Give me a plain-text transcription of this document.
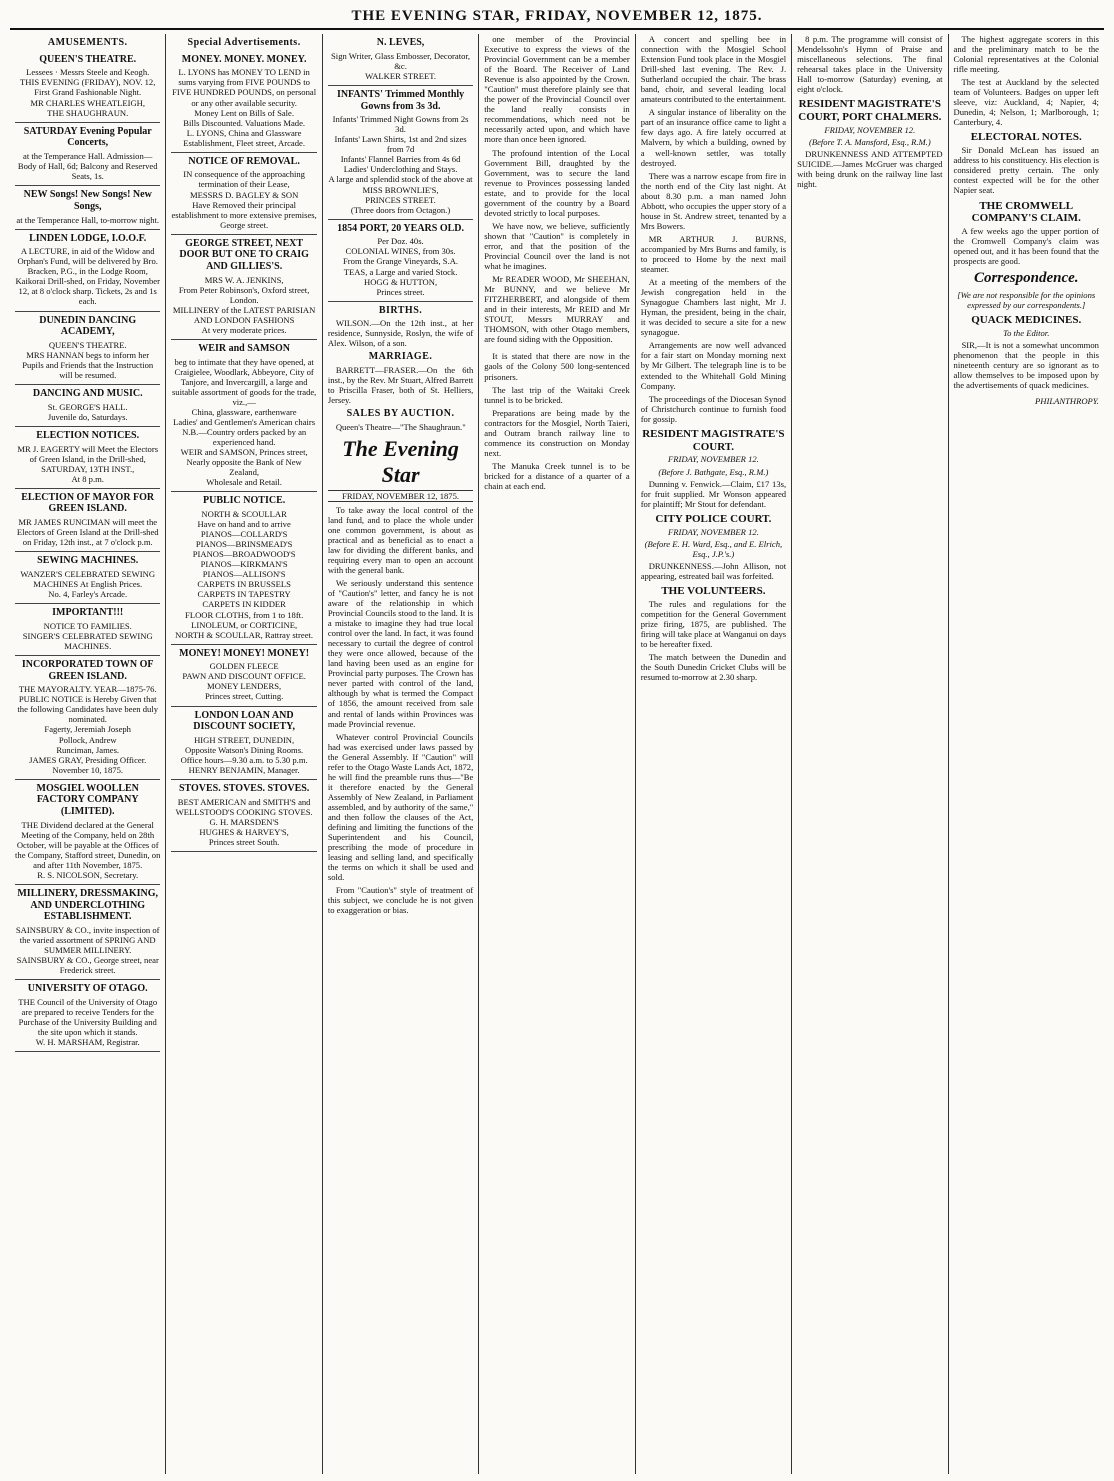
THE EVENING STAR, FRIDAY, NOVEMBER 12, 1875.
AMUSEMENTS.
QUEEN'S THEATRE.
Lessees · Messrs Steele and Keogh.
THIS EVENING (FRIDAY), NOV. 12,
First Grand Fashionable Night.
MR CHARLES WHEATLEIGH,
THE SHAUGHRAUN.
SATURDAY Evening Popular Concerts,
at the Temperance Hall. Admission—Body of Hall, 6d; Balcony and Reserved Seats, 1s.
NEW Songs! New Songs! New Songs,
at the Temperance Hall, to-morrow night.
LINDEN LODGE, I.O.O.F.
A LECTURE, in aid of the Widow and Orphan's Fund, will be delivered by Bro. Bracken, P.G., in the Lodge Room, Kaikorai Drill-shed, on Friday, November 12, at 8 o'clock sharp. Tickets, 2s and 1s each.
DUNEDIN DANCING ACADEMY,
QUEEN'S THEATRE.
MRS HANNAN begs to inform her Pupils and Friends that the Instruction will be resumed.
DANCING AND MUSIC.
St. GEORGE'S HALL.
Juvenile do, Saturdays.
ELECTION NOTICES.
MR J. EAGERTY will Meet the Electors of Green Island, in the Drill-shed,
SATURDAY, 13TH INST.,
At 8 p.m.
ELECTION OF MAYOR FOR GREEN ISLAND.
MR JAMES RUNCIMAN will meet the Electors of Green Island at the Drill-shed on Friday, 12th inst., at 7 o'clock p.m.
SEWING MACHINES.
WANZER'S CELEBRATED SEWING MACHINES At English Prices.
No. 4, Farley's Arcade.
IMPORTANT!!!
NOTICE TO FAMILIES.
SINGER'S CELEBRATED SEWING MACHINES.
INCORPORATED TOWN OF GREEN ISLAND.
THE MAYORALTY. YEAR—1875-76.
PUBLIC NOTICE is Hereby Given that the following Candidates have been duly nominated.
Fagerty, Jeremiah Joseph
Pollock, Andrew
Runciman, James.
JAMES GRAY, Presiding Officer.
November 10, 1875.
MOSGIEL WOOLLEN FACTORY COMPANY (LIMITED).
THE Dividend declared at the General Meeting of the Company, held on 28th October, will be payable at the Offices of the Company, Stafford street, Dunedin, on and after 11th November, 1875.
R. S. NICOLSON, Secretary.
MILLINERY, DRESSMAKING, AND UNDERCLOTHING ESTABLISHMENT.
SAINSBURY & CO., invite inspection of the varied assortment of SPRING AND SUMMER MILLINERY.
SAINSBURY & CO., George street, near Frederick street.
UNIVERSITY OF OTAGO.
THE Council of the University of Otago are prepared to receive Tenders for the Purchase of the University Building and the site upon which it stands.
W. H. MARSHAM, Registrar.
Special Advertisements.
MONEY. MONEY. MONEY.
L. LYONS has MONEY TO LEND in sums varying from FIVE POUNDS to FIVE HUNDRED POUNDS, on personal or any other available security.
Money Lent on Bills of Sale.
Bills Discounted. Valuations Made.
L. LYONS, China and Glassware Establishment, Fleet street, Arcade.
NOTICE OF REMOVAL.
IN consequence of the approaching termination of their Lease,
MESSRS D. BAGLEY & SON
Have Removed their principal establishment to more extensive premises, George street.
GEORGE STREET, NEXT DOOR BUT ONE TO CRAIG AND GILLIES'S.
MRS W. A. JENKINS,
From Peter Robinson's, Oxford street, London.
MILLINERY of the LATEST PARISIAN AND LONDON FASHIONS
At very moderate prices.
WEIR and SAMSON
beg to intimate that they have opened, at Craigielee, Woodlark, Abbeyore, City of Tanjore, and Invercargill, a large and suitable assortment of goods for the trade, viz.,—
China, glassware, earthenware
Ladies' and Gentlemen's American chairs
N.B.—Country orders packed by an experienced hand.
WEIR and SAMSON, Princes street,
Nearly opposite the Bank of New Zealand,
Wholesale and Retail.
PUBLIC NOTICE.
NORTH & SCOULLAR
Have on hand and to arrive
PIANOS—COLLARD'S
PIANOS—BRINSMEAD'S
PIANOS—BROADWOOD'S
PIANOS—KIRKMAN'S
PIANOS—ALLISON'S
CARPETS IN BRUSSELS
CARPETS IN TAPESTRY
CARPETS IN KIDDER
FLOOR CLOTHS, from 1 to 18ft.
LINOLEUM, or CORTICINE,
NORTH & SCOULLAR, Rattray street.
MONEY! MONEY! MONEY!
GOLDEN FLEECE
PAWN AND DISCOUNT OFFICE.
MONEY LENDERS,
Princes street, Cutting.
LONDON LOAN AND DISCOUNT SOCIETY,
HIGH STREET, DUNEDIN,
Opposite Watson's Dining Rooms.
Office hours—9.30 a.m. to 5.30 p.m.
HENRY BENJAMIN, Manager.
STOVES. STOVES. STOVES.
BEST AMERICAN and SMITH'S and WELLSTOOD'S COOKING STOVES.
G. H. MARSDEN'S
HUGHES & HARVEY'S,
Princes street South.
N. LEVES,
Sign Writer, Glass Embosser, Decorator, &c.
WALKER STREET.
INFANTS' Trimmed Monthly Gowns from 3s 3d.
Infants' Trimmed Night Gowns from 2s 3d.
Infants' Lawn Shirts, 1st and 2nd sizes from 7d
Infants' Flannel Barries from 4s 6d
Ladies' Underclothing and Stays.
A large and splendid stock of the above at
MISS BROWNLIE'S,
PRINCES STREET.
(Three doors from Octagon.)
1854 PORT, 20 YEARS OLD.
Per Doz. 40s.
COLONIAL WINES, from 30s.
From the Grange Vineyards, S.A.
TEAS, a Large and varied Stock.
HOGG & HUTTON,
Princes street.
BIRTHS.

WILSON.—On the 12th inst., at her residence, Sunnyside, Roslyn, the wife of Alex. Wilson, of a son.

MARRIAGE.

BARRETT—FRASER.—On the 6th inst., by the Rev. Mr Stuart, Alfred Barrett to Priscilla Fraser, both of St. Helliers, Jersey.

SALES BY AUCTION.

Queen's Theatre—"The Shaughraun."

The Evening Star
FRIDAY, NOVEMBER 12, 1875.

To take away the local control of the land fund, and to place the whole under one common government, is about as practical and as beneficial as to enact a law for dividing the different banks, and requiring every man to open an account with the general bank.

We seriously understand this sentence of "Caution's" letter, and fancy he is not aware of the relationship in which Provincial Councils stood to the land. It is a mistake to imagine they had true local control over the land. In fact, it was found necessary to curtail the degree of control they were once allowed, because of the land having been used as an engine for Provincial party purposes. The Crown has never parted with control of the land, although by what is termed the Compact of 1856, the amount received from sale and rental of lands within Provinces was made Provincial revenue.

Whatever control Provincial Councils had was exercised under laws passed by the General Assembly. If "Caution" will refer to the Otago Waste Lands Act, 1872, he will find the preamble runs thus—"Be it therefore enacted by the General Assembly of New Zealand, in Parliament assembled, and by authority of the same," and then follow the clauses of the Act, defining and limiting the functions of the Superintendent and his Council, prescribing the mode of procedure in leasing and selling land, and specifically the terms on which it shall be used and sold.

From "Caution's" style of treatment of this subject, we conclude he is not given to exaggeration or bias.

one member of the Provincial Executive to express the views of the Provincial Government can be a member of the Board. The Receiver of Land Revenue is also appointed by the Crown. "Caution" must therefore plainly see that the power of the Provincial Council over the land really consists in recommendations, which need not be necessarily acted upon, and which have more than once been ignored.

The profound intention of the Local Government Bill, draughted by the Government, was to secure the land revenue to Provinces possessing landed estate, and to provide for the local government of the country by a Board devoted strictly to local purposes.

We have now, we believe, sufficiently shown that "Caution" is completely in error, and that the position of the Provincial Council over the land is not what he imagines.

Mr READER WOOD, Mr SHEEHAN, Mr BUNNY, and we believe Mr FITZHERBERT, and alongside of them and in their interests, Mr REID and Mr STOUT, Messrs MURRAY and THOMSON, with other Otago members, are found siding with the Opposition.

It is stated that there are now in the gaols of the Colony 500 long-sentenced prisoners.

The last trip of the Waitaki Creek tunnel is to be bricked.

Preparations are being made by the contractors for the Mosgiel, North Taieri, and Outram branch railway line to commence its construction on Monday next.

The Manuka Creek tunnel is to be bricked for a distance of a quarter of a chain at each end.

A concert and spelling bee in connection with the Mosgiel School Extension Fund took place in the Mosgiel Drill-shed last evening. The Rev. J. Sutherland occupied the chair. The brass band, choir, and several leading local amateurs contributed to the entertainment.

A singular instance of liberality on the part of an insurance office came to light a few days ago. A fire lately occurred at Malvern, by which a building, owned by a well-known settler, was totally destroyed.

There was a narrow escape from fire in the north end of the City last night. At about 8.30 p.m. a man named John Abbott, who occupies the upper story of a house in St. Andrew street, tenanted by a Mrs Bowers.

MR ARTHUR J. BURNS, accompanied by Mrs Burns and family, is to proceed to Home by the next mail steamer.

At a meeting of the members of the Jewish congregation held in the Synagogue Chambers last night, Mr J. Hyman, the president, being in the chair, it was decided to secure a site for a new synagogue.

Arrangements are now well advanced for a fair start on Monday morning next by Mr Gilbert. The telegraph line is to be extended to the Whitehall Gold Mining Company.

The proceedings of the Diocesan Synod of Christchurch continue to furnish food for gossip.

RESIDENT MAGISTRATE'S COURT.
FRIDAY, NOVEMBER 12.
(Before J. Bathgate, Esq., R.M.)

Dunning v. Fenwick.—Claim, £17 13s, for fruit supplied. Mr Wonson appeared for plaintiff; Mr Stout for defendant.

CITY POLICE COURT.
FRIDAY, NOVEMBER 12.
(Before E. H. Ward, Esq., and E. Elrich, Esq., J.P.'s.)

DRUNKENNESS.—John Allison, not appearing, estreated bail was forfeited.

THE VOLUNTEERS.

The rules and regulations for the competition for the General Government prize firing, 1875, are published. The firing will take place at Wanganui on days to be hereafter fixed.

The match between the Dunedin and the South Dunedin Cricket Clubs will be resumed to-morrow at 2.30 sharp.

8 p.m. The programme will consist of Mendelssohn's Hymn of Praise and miscellaneous selections. The final rehearsal takes place in the University Hall to-morrow (Saturday) evening, at eight o'clock.

RESIDENT MAGISTRATE'S COURT, PORT CHALMERS.
FRIDAY, NOVEMBER 12.
(Before T. A. Mansford, Esq., R.M.)

DRUNKENNESS AND ATTEMPTED SUICIDE.—James McGruer was charged with being drunk on the railway line last night.

The highest aggregate scorers in this and the preliminary match to be the Colonial representatives at the Colonial rifle meeting.

The test at Auckland by the selected team of Volunteers. Badges on upper left sleeve, viz: Auckland, 4; Napier, 4; Dunedin, 4; Nelson, 1; Marlborough, 1; Canterbury, 4.

ELECTORAL NOTES.

Sir Donald McLean has issued an address to his constituency. His election is considered pretty certain. The only contest expected will be for the other Napier seat.

THE CROMWELL COMPANY'S CLAIM.

A few weeks ago the upper portion of the Cromwell Company's claim was opened out, and it has been found that the prospects are good.

Correspondence.
[We are not responsible for the opinions expressed by our correspondents.]
QUACK MEDICINES.
To the Editor.

SIR,—It is not a somewhat uncommon phenomenon that the people in this nineteenth century are so ignorant as to allow themselves to be imposed upon by the advertisements of quack medicines.

PHILANTHROPY.
